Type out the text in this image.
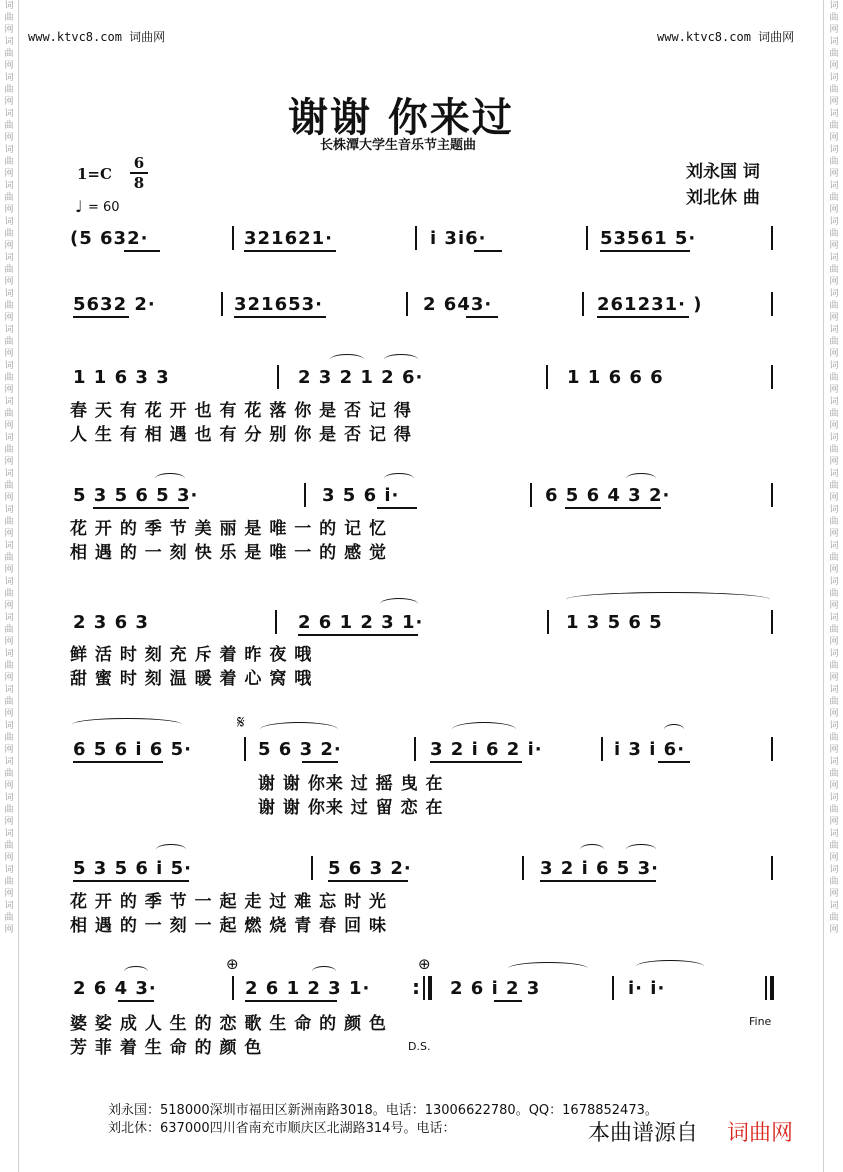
词曲网词曲网词曲网词曲网词曲网词曲网词曲网词曲网词曲网词曲网词曲网词曲网词曲网词曲网词曲网词曲网词曲网词曲网词曲网词曲网词曲网词曲网词曲网词曲网词曲网词曲网
词曲网词曲网词曲网词曲网词曲网词曲网词曲网词曲网词曲网词曲网词曲网词曲网词曲网词曲网词曲网词曲网词曲网词曲网词曲网词曲网词曲网词曲网词曲网词曲网词曲网词曲网
www.ktvc8.com 词曲网	www.ktvc8.com 词曲网
谢谢 你来过
长株潭大学生音乐节主题曲
刘永国 词
刘北休 曲
1=C
6
8
♩ = 60
(5 632·	321621·	i 3i6·	53561 5·
5632 2·	321653·	2 643·	261231· )
1 1 6 3 3	2 3 2 1 2 6·	1 1 6 6 6
春 天 有 花 开 也 有 花 落 你 是 否 记 得
人 生 有 相 遇 也 有 分 别 你 是 否 记 得
5 3 5 6 5 3·	3 5 6 i·	6 5 6 4 3 2·
花 开 的 季 节 美 丽 是 唯 一 的 记 忆
相 遇 的 一 刻 快 乐 是 唯 一 的 感 觉
2 3 6 3	2 6 1 2 3 1·	1 3 5 6 5
鲜 活 时 刻 充 斥 着 昨 夜 哦
甜 蜜 时 刻 温 暖 着 心 窝 哦
𝄋
6 5 6 i 6 5·	5 6 3 2·	3 2 i 6 2 i·	i 3 i 6·
谢 谢 你来 过 摇 曳 在
谢 谢 你来 过 留 恋 在
5 3 5 6 i 5·	5 6 3 2·	3 2 i 6 5 3·
花 开 的 季 节 一 起 走 过 难 忘 时 光
相 遇 的 一 刻 一 起 燃 烧 青 春 回 味
⊕	⊕
2 6 4 3·	2 6 1 2 3 1· : 2 6 i 2 3	i· i·
Fine
婆 娑 成 人 生 的 恋 歌 生 命 的 颜 色
芳 菲 着 生 命 的 颜 色	D.S.
刘永国：518000深圳市福田区新洲南路3018。电话：13006622780。QQ：1678852473。
刘北休：637000四川省南充市顺庆区北湖路314号。电话：	本曲谱源自 词曲网
